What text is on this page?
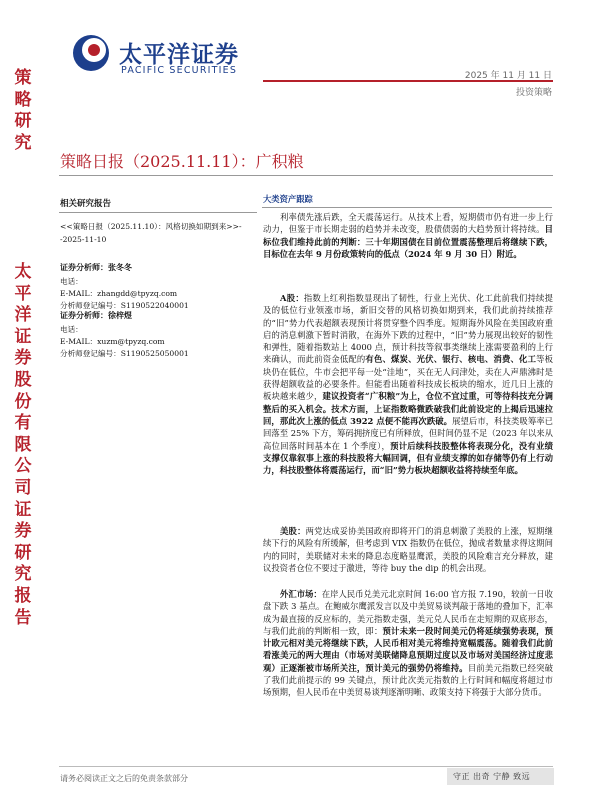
太平洋证券
PACIFIC SECURITIES	2025 年 11 月 11 日
投资策略
策略研究
太平洋证券股份有限公司证券研究报告
策略日报（2025.11.11）：广积粮
相关研究报告
<<策略日报（2025.11.10）：风格切换如期到来>>--2025-11-10
证券分析师：张冬冬
电话：
E-MAIL：zhangdd@tpyzq.com
分析师登记编号：S1190522040001
证券分析师：徐梓煜
电话：
E-MAIL：xuzm@tpyzq.com
分析师登记编号：S1190525050001
大类资产跟踪
利率债先涨后跌，全天震荡运行。从技术上看，短期债市仍有进一步上行动力，但鉴于市长期走弱的趋势并未改变，股债债弱的大趋势预计将持续。目标位我们维持此前的判断：三十年期国债在目前位置震荡整理后将继续下跌，目标位在去年 9 月份政策转向的低点（2024 年 9 月 30 日）附近。
A股：指数上红利指数显现出了韧性，行业上光伏、化工此前我们持续提及的低位行业领涨市场，新旧交替的风格切换如期到来，我们此前持续推荐的“旧”势力代表超额表现预计将贯穿整个四季度。短期海外风险在美国政府重启的消息刺激下暂时消散，在海外下跌的过程中，“旧”势力展现出较好的韧性和弹性，随着指数站上 4000 点，预计科技等叙事类继续上涨需要盈利的上行来确认，而此前资金低配的有色、煤炭、光伏、银行、核电、消费、化工等板块仍在低位，牛市会把平每一处“洼地”，买在无人问津处，卖在人声鼎沸时是获得超额收益的必要条件。但能看出随着科技成长板块的缩水，近几日上涨的板块越来越少，建议投资者“广积粮”为上，仓位不宜过重，可等待科技充分调整后的买入机会。技术方面，上证指数略微跌破我们此前设定的上揭后迅速拉回，那此次上涨的低点 3922 点便不能再次跌破。展望后市，科技类吸筹率已回落至 25% 下方，筹码拥挤度已有所释放，但时间仍显不足（2023 年以来从高位回落时间基本在 1 个季度），预计后续科技股整体将表现分化，没有业绩支撑仅靠叙事上涨的科技股将大幅回调，但有业绩支撑的如存储等仍有上行动力，科技股整体将震荡运行，而“旧”势力板块超额收益将持续至年底。
美股：两党达成妥协美国政府即将开门的消息刺激了美股的上涨，短期继续下行的风险有所缓解，但考虑到 VIX 指数仍在低位，抛成者数量求得这期间内的同时，美联储对未来的降息态度略显鹰派，美股的风险难言充分释放，建议投资者仓位不要过于激进，等待 buy the dip 的机会出现。
外汇市场：在岸人民币兑美元北京时间 16:00 官方报 7.190，较前一日收盘下跌 3 基点。在鲍威尔鹰派发言以及中美贸易谈判敲于落地的叠加下，汇率成为最直接的反应标的，美元指数走强，美元兑人民币在走短期的双底形态，与我们此前的判断相一致，即：预计未来一段时间美元仍将延续强势表现，预计欧元相对美元将继续下跌，人民币相对美元将维持宽幅震荡。随着我们此前看涨美元的两大理由（市场对美联储降息预期过度以及市场对美国经济过度悲观）正逐渐被市场所关注，预计美元的强势仍将维持。目前美元指数已经突破了我们此前提示的 99 关键点，预计此次美元指数的上行时间和幅度将超过市场预期，但人民币在中美贸易谈判逐渐明晰、政策支持下将强于大部分货币。
请务必阅读正文之后的免责条款部分	守正 出奇 宁静 致远
